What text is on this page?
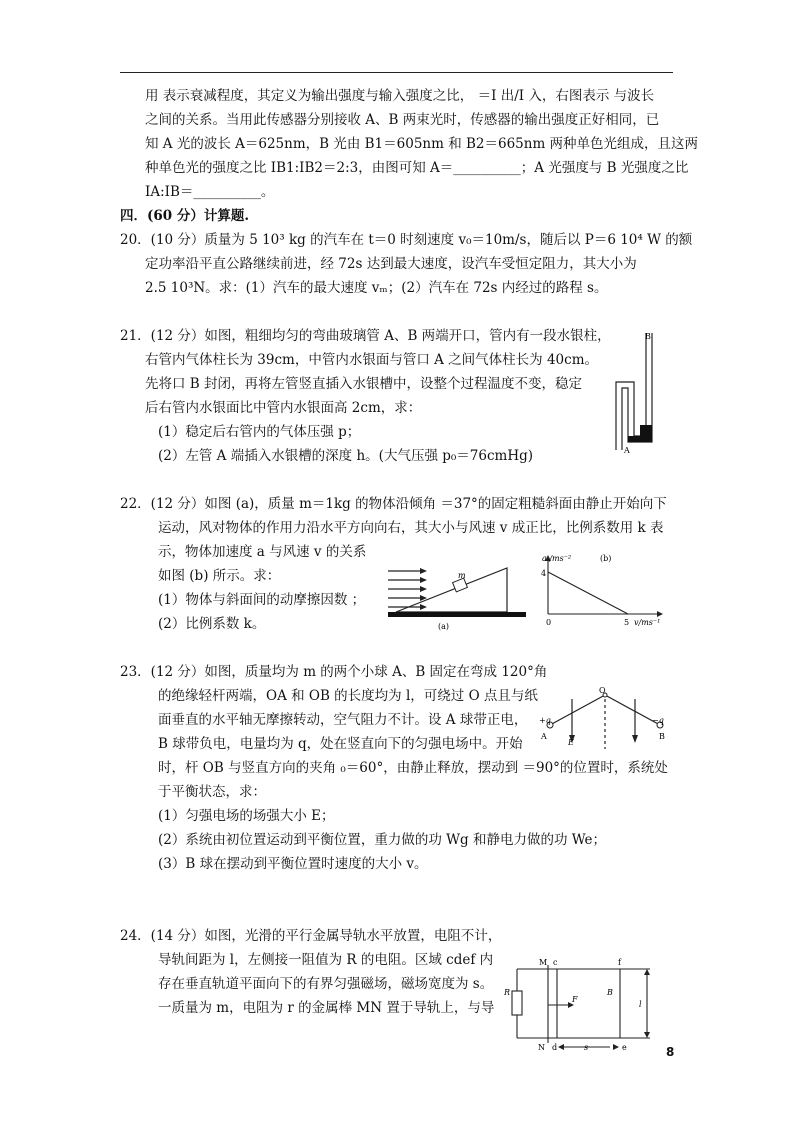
用 表示衰减程度，其定义为输出强度与输入强度之比， ＝I 出/I 入，右图表示 与波长
之间的关系。当用此传感器分别接收 A、B 两束光时，传感器的输出强度正好相同，已
知 A 光的波长 A＝625nm，B 光由 B1＝605nm 和 B2＝665nm 两种单色光组成，且这两
种单色光的强度之比 IB1:IB2＝2:3，由图可知 A＝__________；A 光强度与 B 光强度之比
IA:IB＝__________。
四．(60 分）计算题.
20．(10 分）质量为 5 10³ kg 的汽车在 t＝0 时刻速度 v₀＝10m/s，随后以 P＝6 10⁴ W 的额
定功率沿平直公路继续前进，经 72s 达到最大速度，设汽车受恒定阻力，其大小为
2.5 10³N。求：(1）汽车的最大速度 vₘ；(2）汽车在 72s 内经过的路程 s。
21．(12 分）如图，粗细均匀的弯曲玻璃管 A、B 两端开口，管内有一段水银柱，
右管内气体柱长为 39cm，中管内水银面与管口 A 之间气体柱长为 40cm。
先将口 B 封闭，再将左管竖直插入水银槽中，设整个过程温度不变，稳定
后右管内水银面比中管内水银面高 2cm，求：
(1）稳定后右管内的气体压强 p；
(2）左管 A 端插入水银槽的深度 h。(大气压强 p₀＝76cmHg)
22．(12 分）如图 (a)，质量 m＝1kg 的物体沿倾角 ＝37°的固定粗糙斜面由静止开始向下
运动，风对物体的作用力沿水平方向向右，其大小与风速 v 成正比，比例系数用 k 表
示，物体加速度 a 与风速 v 的关系
如图 (b) 所示。求：
(1）物体与斜面间的动摩擦因数 ；
(2）比例系数 k。
23．(12 分）如图，质量均为 m 的两个小球 A、B 固定在弯成 120°角
的绝缘轻杆两端，OA 和 OB 的长度均为 l，可绕过 O 点且与纸
面垂直的水平轴无摩擦转动，空气阻力不计。设 A 球带正电，
B 球带负电，电量均为 q，处在竖直向下的匀强电场中。开始
时，杆 OB 与竖直方向的夹角 ₀＝60°，由静止释放，摆动到 ＝90°的位置时，系统处
于平衡状态，求：
(1）匀强电场的场强大小 E；
(2）系统由初位置运动到平衡位置，重力做的功 Wg 和静电力做的功 We；
(3）B 球在摆动到平衡位置时速度的大小 v。
24．(14 分）如图，光滑的平行金属导轨水平放置，电阻不计，
导轨间距为 l，左侧接一阻值为 R 的电阻。区域 cdef 内
存在垂直轨道平面向下的有界匀强磁场，磁场宽度为 s。
一质量为 m，电阻为 r 的金属棒 MN 置于导轨上，与导
B
A
m
(a)
a /ms⁻²	(b)
4
0	5 v/ms⁻¹
O
A	B
+q	−q
E
M c	f
N d	e
R	B
F
s
l
8
